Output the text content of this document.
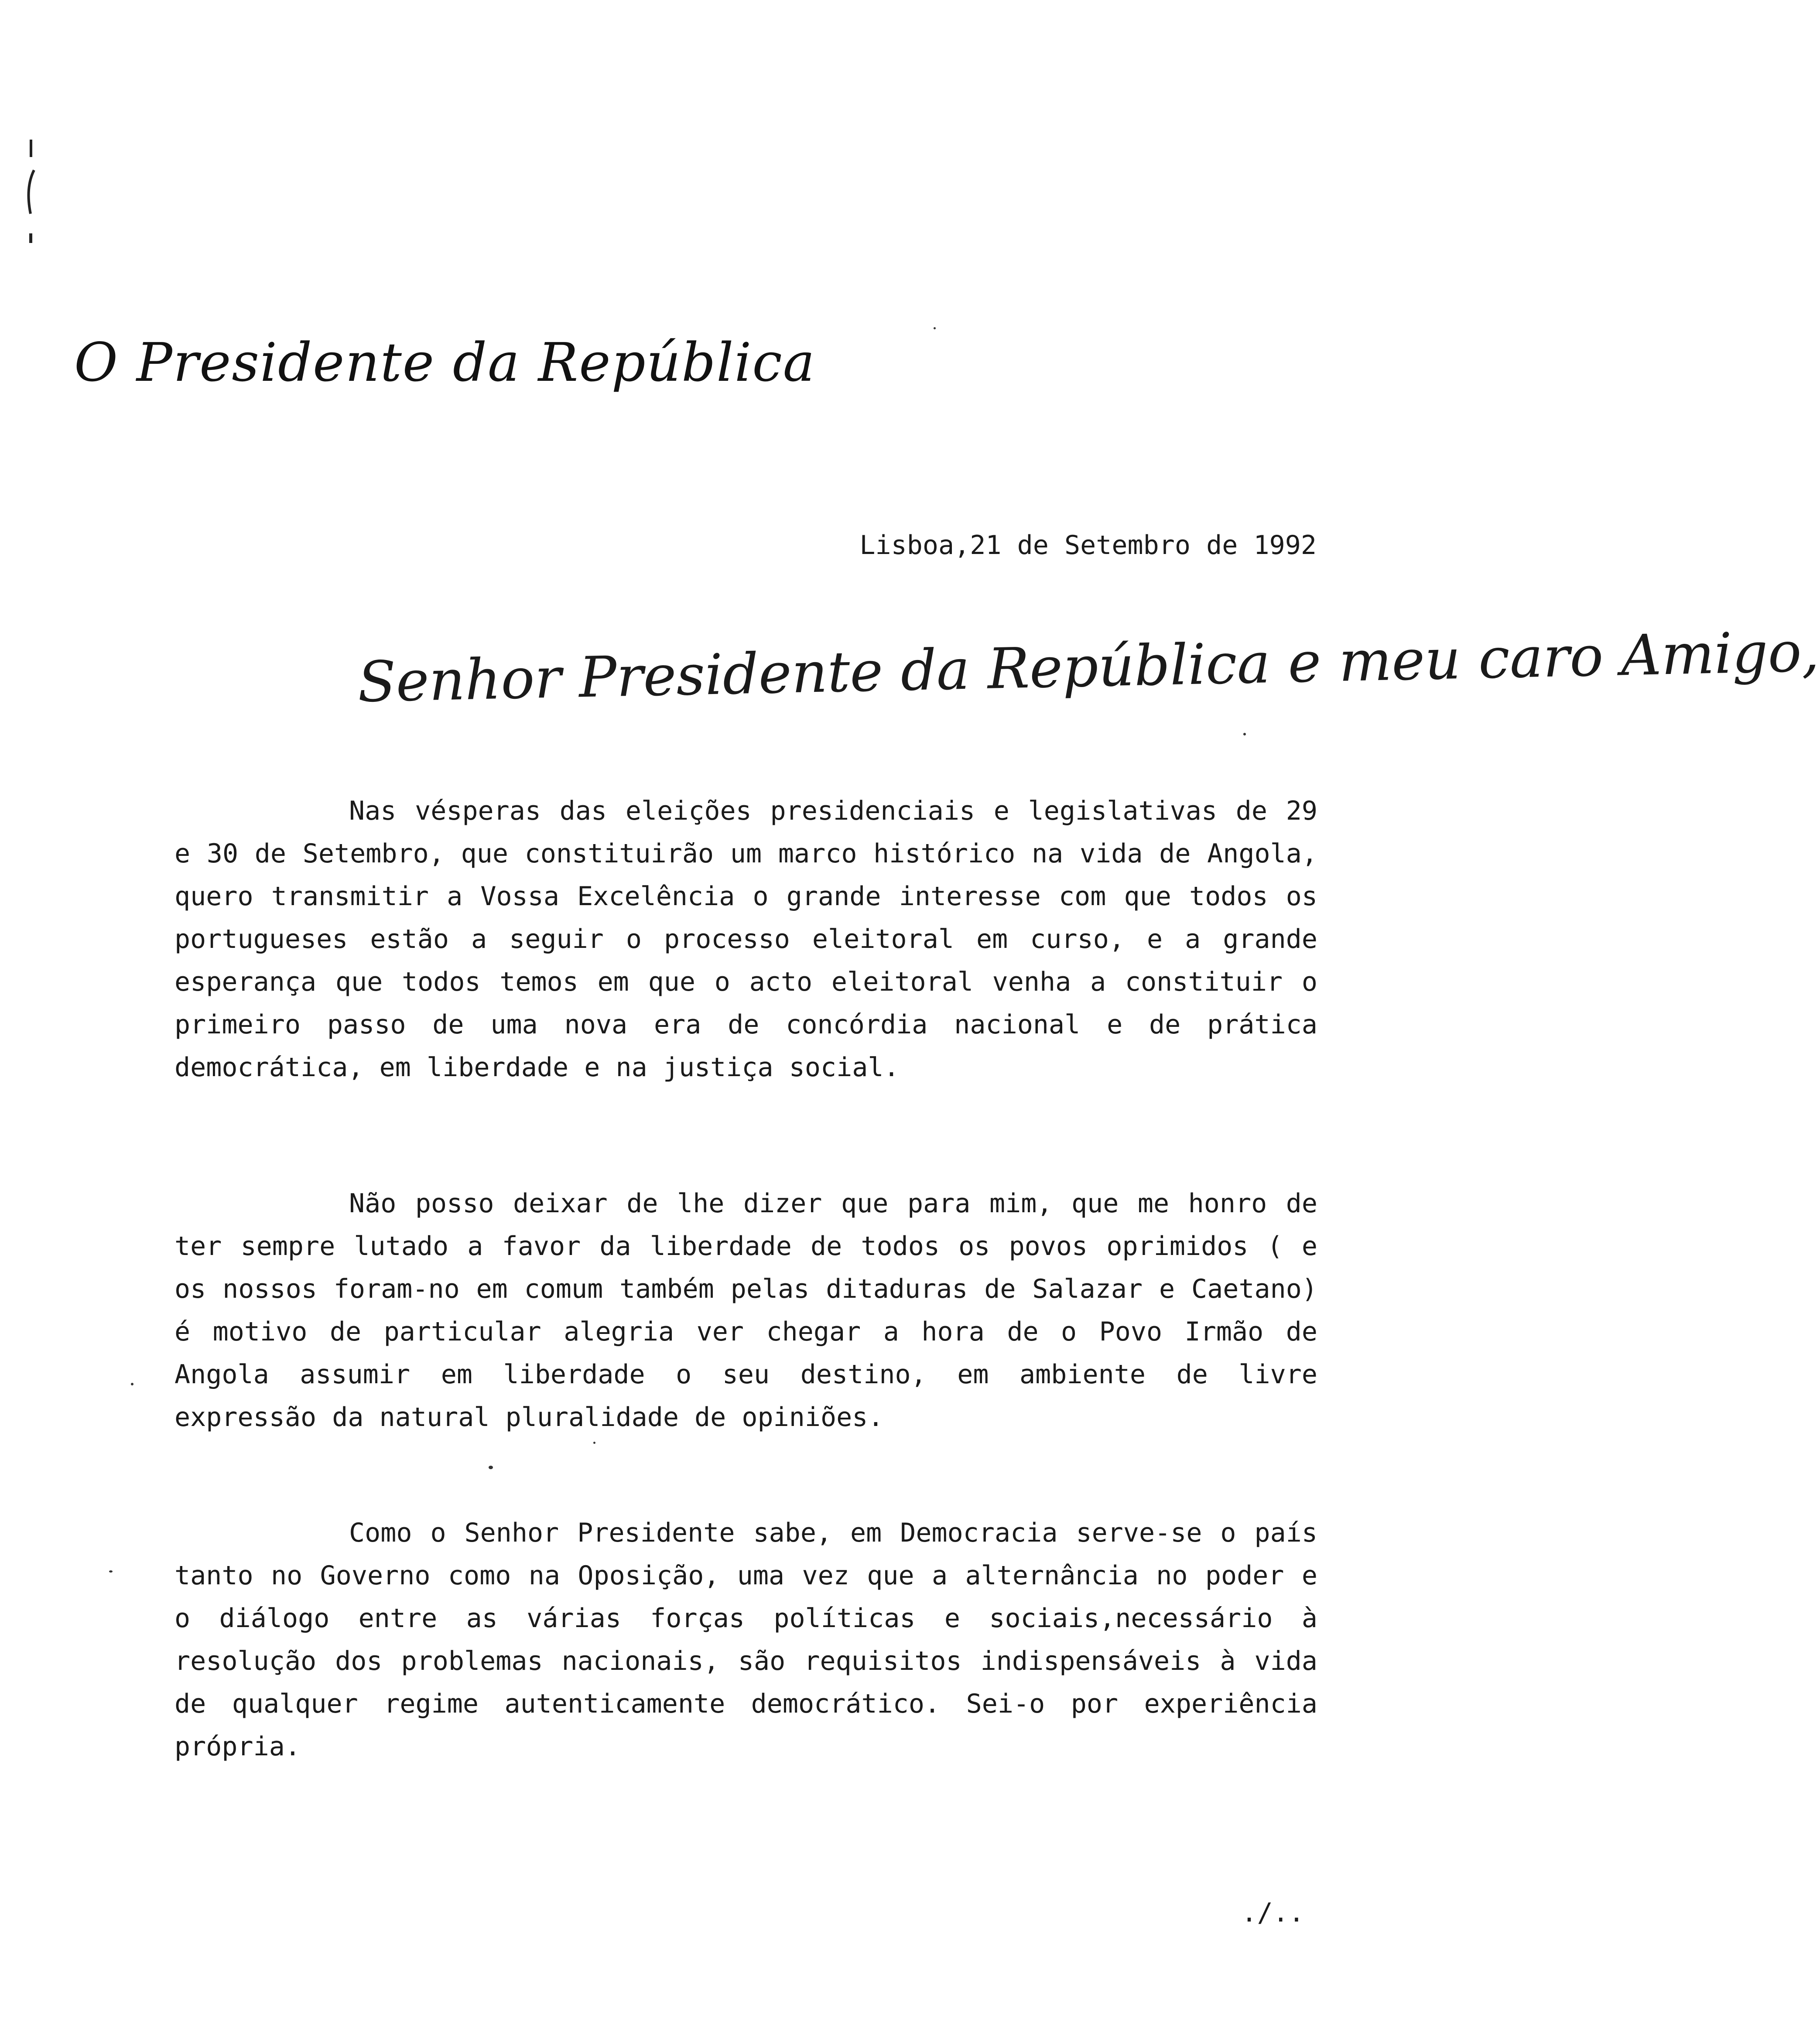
O Presidente da República
Lisboa,21 de Setembro de 1992
Senhor Presidente da República e meu caro Amigo,

Nas vésperas das eleições presidenciais e legislativas de 29 e 30 de Setembro, que constituirão um marco histórico na vida de Angola, quero transmitir a Vossa Excelência o grande interesse com que todos os portugueses estão a seguir o processo eleitoral em curso, e a grande esperança que todos temos em que o acto eleitoral venha a constituir o primeiro passo de uma nova era de concórdia nacional e de prática democrática, em liberdade e na justiça social.

Não posso deixar de lhe dizer que para mim, que me honro de ter sempre lutado a favor da liberdade de todos os povos oprimidos ( e os nossos foram-no em comum também pelas ditaduras de Salazar e Caetano) é motivo de particular alegria ver chegar a hora de o Povo Irmão de Angola assumir em liberdade o seu destino, em ambiente de livre expressão da natural pluralidade de opiniões.

Como o Senhor Presidente sabe, em Democracia serve-se o país tanto no Governo como na Oposição, uma vez que a alternância no poder e o diálogo entre as várias forças políticas e sociais,necessário à resolução dos problemas nacionais, são requisitos indispensáveis à vida de qualquer regime autenticamente democrático. Sei-o por experiência própria.

./..
